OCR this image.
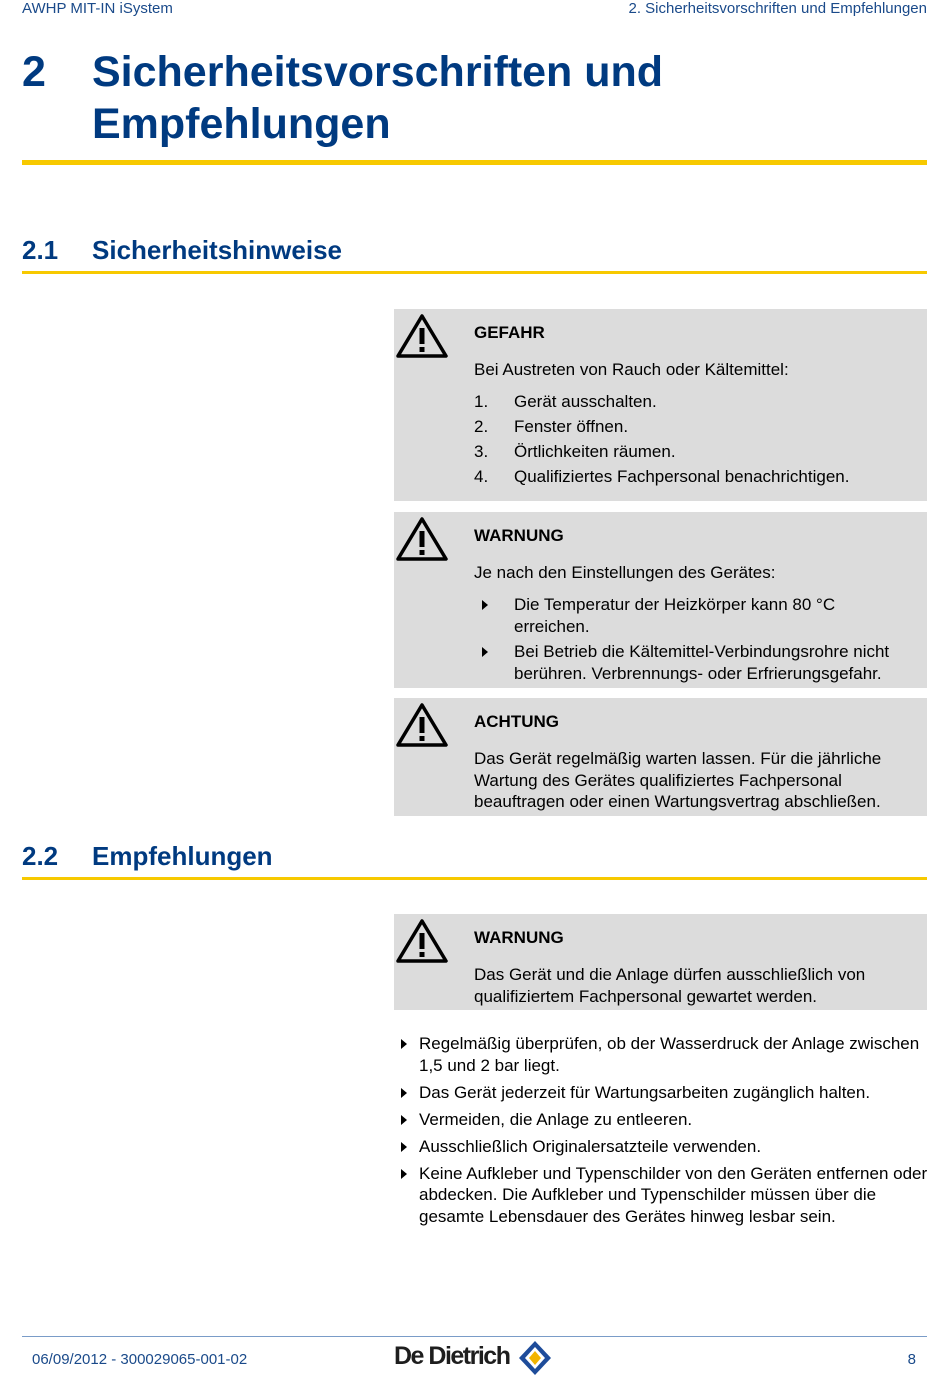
AWHP MIT-IN iSystem	2. Sicherheitsvorschriften und Empfehlungen
2 Sicherheitsvorschriften und Empfehlungen
2.1 Sicherheitshinweise
GEFAHR
Bei Austreten von Rauch oder Kältemittel:
1. Gerät ausschalten.
2. Fenster öffnen.
3. Örtlichkeiten räumen.
4. Qualifiziertes Fachpersonal benachrichtigen.
WARNUNG
Je nach den Einstellungen des Gerätes:
Die Temperatur der Heizkörper kann 80 °C erreichen.
Bei Betrieb die Kältemittel-Verbindungsrohre nicht berühren. Verbrennungs- oder Erfrierungsgefahr.
ACHTUNG
Das Gerät regelmäßig warten lassen. Für die jährliche Wartung des Gerätes qualifiziertes Fachpersonal beauftragen oder einen Wartungsvertrag abschließen.
2.2 Empfehlungen
WARNUNG
Das Gerät und die Anlage dürfen ausschließlich von qualifiziertem Fachpersonal gewartet werden.
Regelmäßig überprüfen, ob der Wasserdruck der Anlage zwischen 1,5 und 2 bar liegt.
Das Gerät jederzeit für Wartungsarbeiten zugänglich halten.
Vermeiden, die Anlage zu entleeren.
Ausschließlich Originalersatzteile verwenden.
Keine Aufkleber und Typenschilder von den Geräten entfernen oder abdecken. Die Aufkleber und Typenschilder müssen über die gesamte Lebensdauer des Gerätes hinweg lesbar sein.
06/09/2012 - 300029065-001-02	De Dietrich	8
